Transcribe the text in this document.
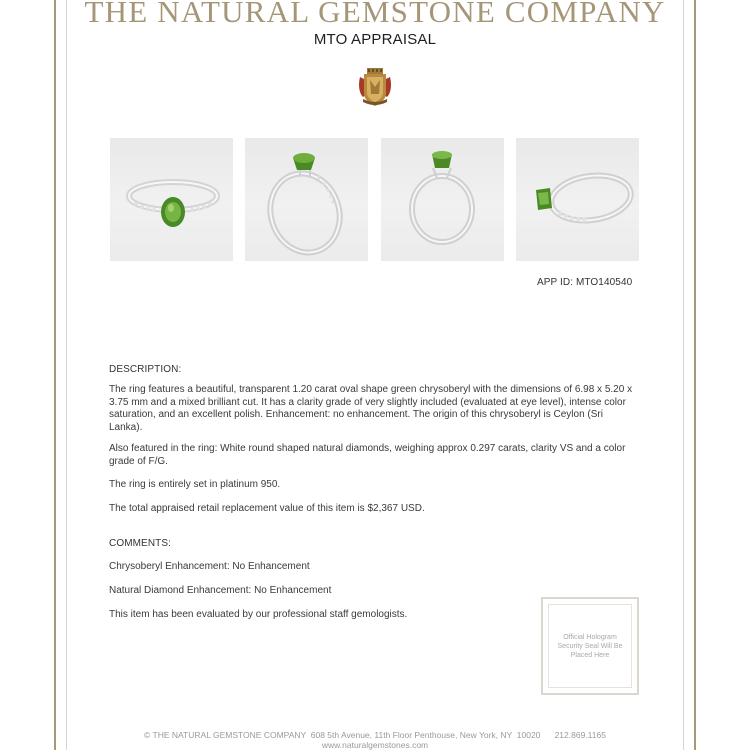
THE NATURAL GEMSTONE COMPANY
MTO APPRAISAL
APP ID: MTO140540
DESCRIPTION:
The ring features a beautiful, transparent 1.20 carat oval shape green chrysoberyl with the dimensions of 6.98 x 5.20 x 3.75 mm and a mixed brilliant cut. It has a clarity grade of very slightly included (evaluated at eye level), intense color saturation, and an excellent polish. Enhancement: no enhancement. The origin of this chrysoberyl is Ceylon (Sri Lanka).
Also featured in the ring: White round shaped natural diamonds, weighing approx 0.297 carats, clarity VS and a color grade of F/G.
The ring is entirely set in platinum 950.
The total appraised retail replacement value of this item is $2,367 USD.
COMMENTS:
Chrysoberyl Enhancement: No Enhancement
Natural Diamond Enhancement: No Enhancement
This item has been evaluated by our professional staff gemologists.
Official Hologram Security Seal Will Be Placed Here
© THE NATURAL GEMSTONE COMPANY  608 5th Avenue, 11th Floor Penthouse, New York, NY  10020      212.869.1165
www.naturalgemstones.com
